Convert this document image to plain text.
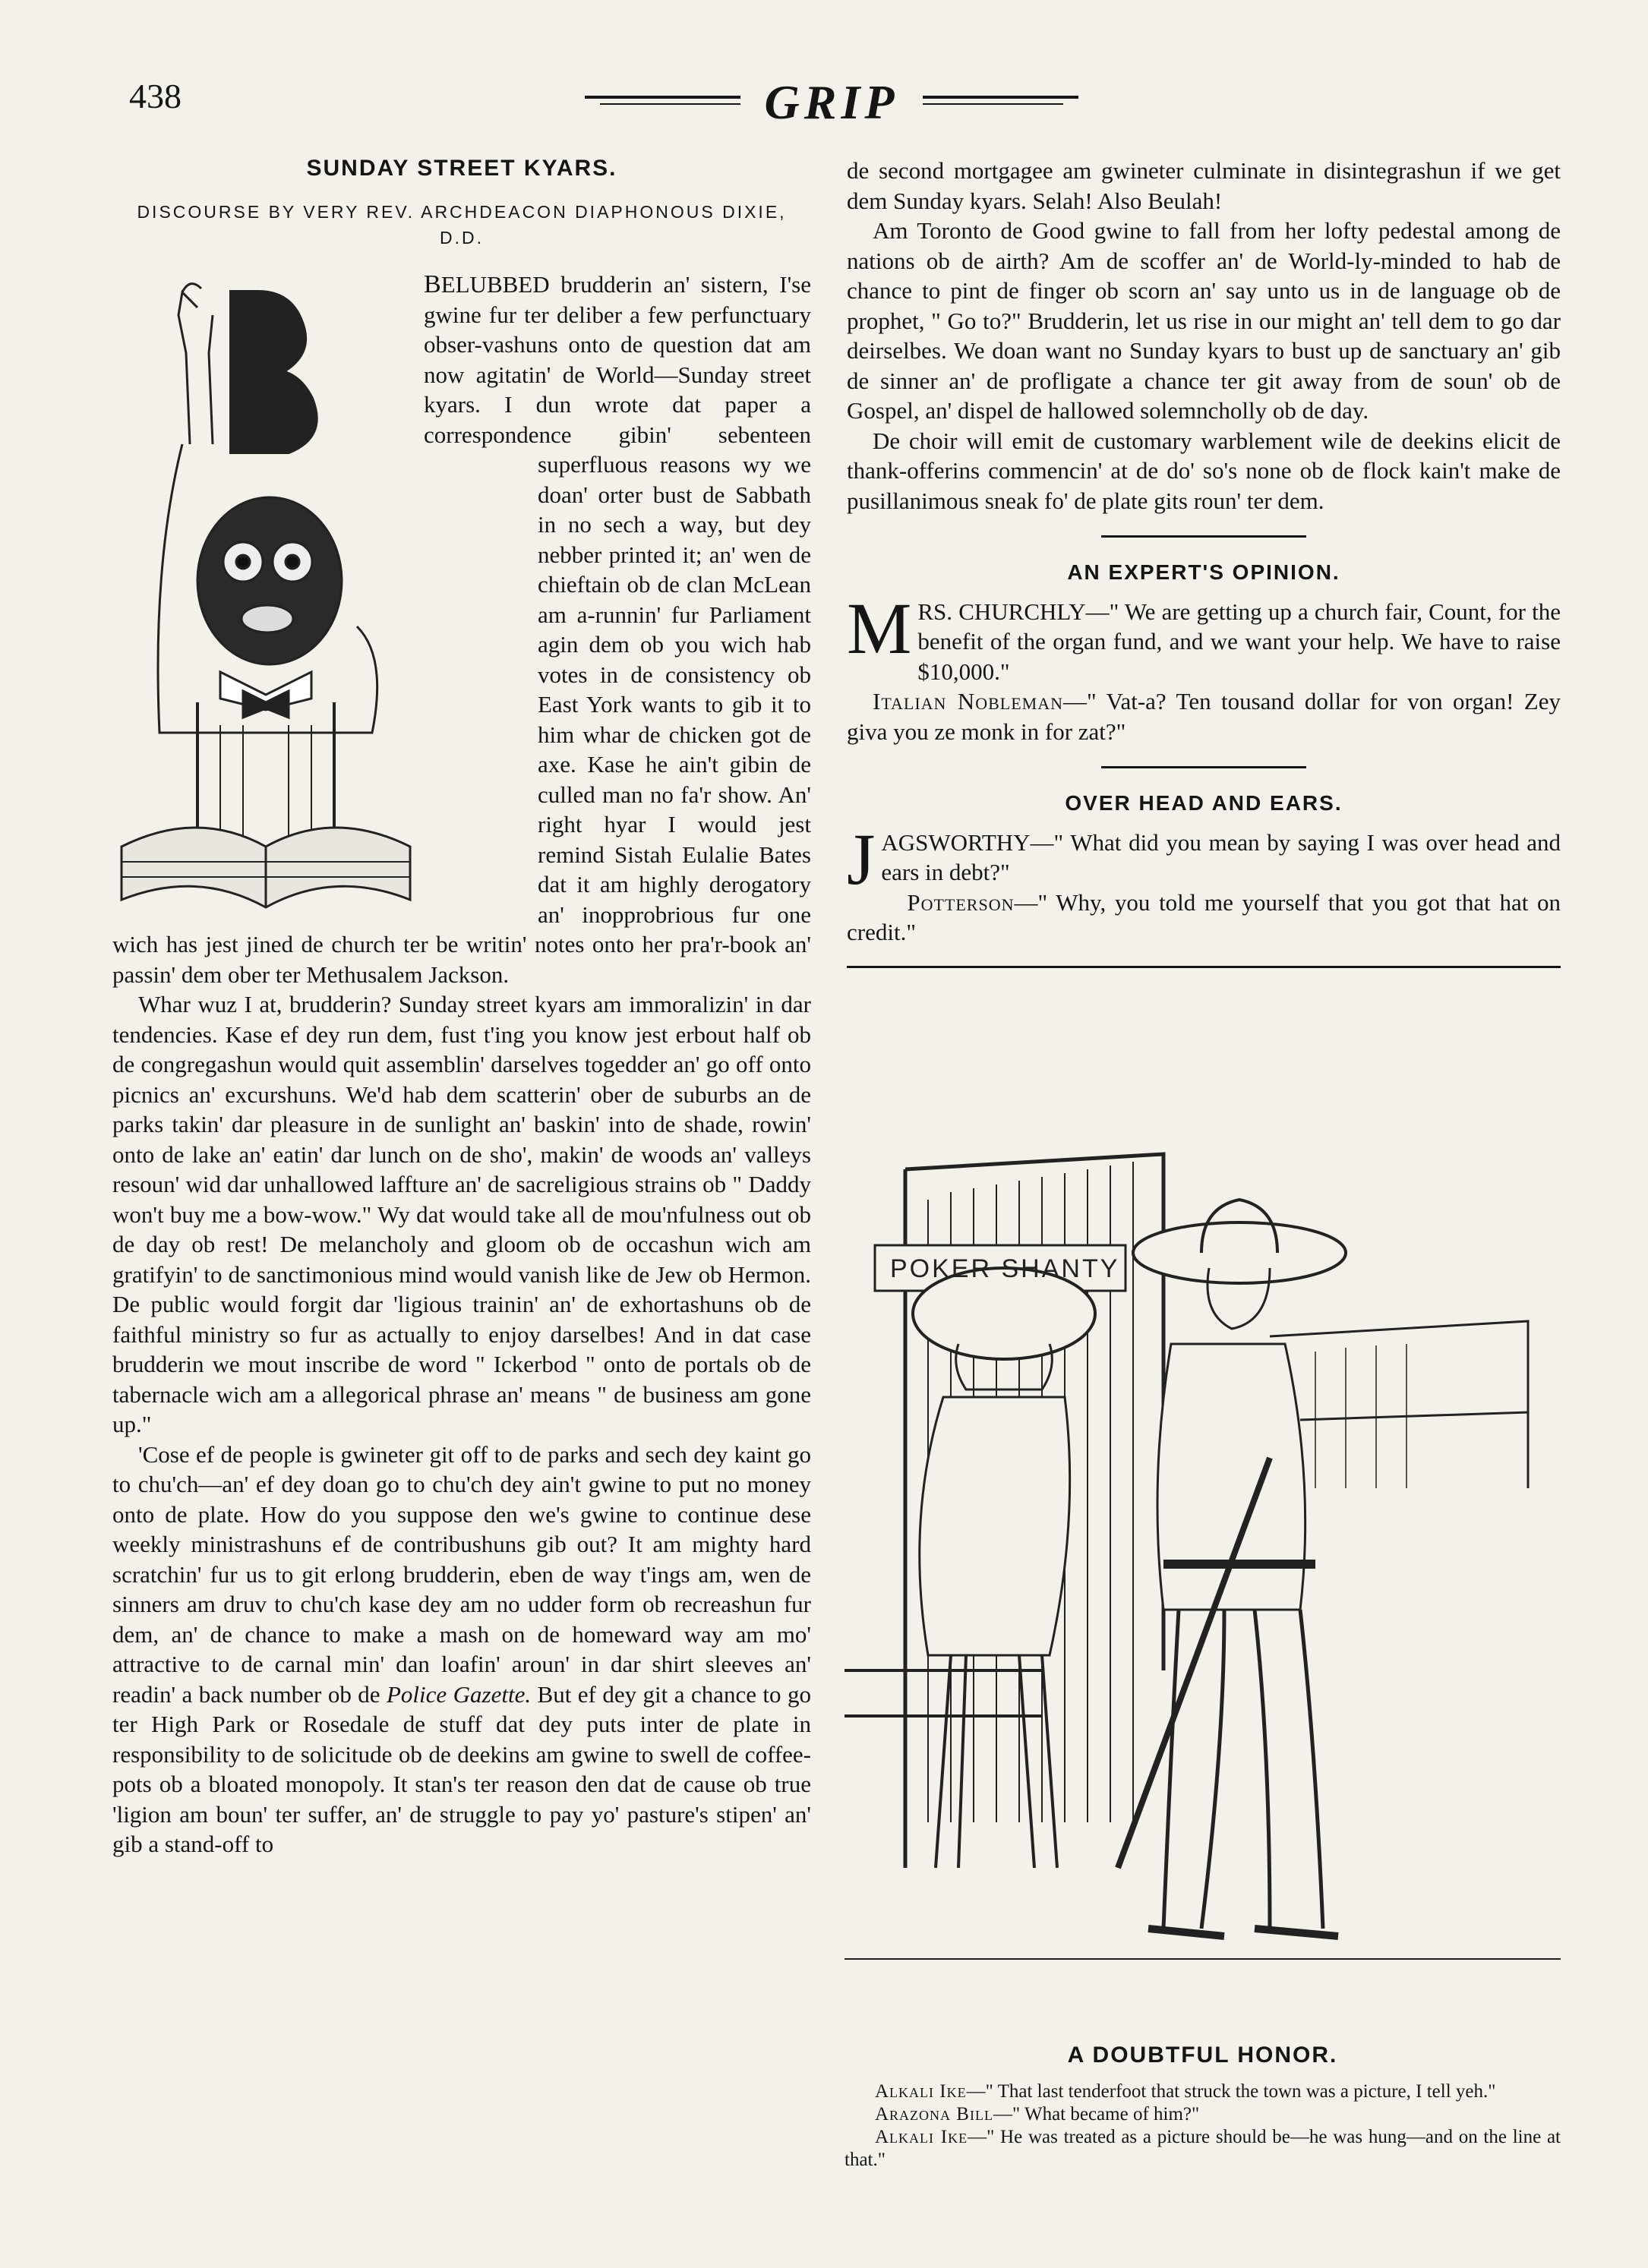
438	GRIP
SUNDAY STREET KYARS.
DISCOURSE BY VERY REV. ARCHDEACON DIAPHONOUS DIXIE, D.D.

BELUBBED brudderin an' sistern, I'se gwine fur ter deliber a few perfunctuary obser-vashuns onto de question dat am now agitatin' de World—Sunday street kyars. I dun wrote dat paper a correspondence gibin' sebenteen superfluous reasons wy we doan' orter bust de Sabbath in no sech a way, but dey nebber printed it; an' wen de chieftain ob de clan McLean am a-runnin' fur Parliament agin dem ob you wich hab votes in de consistency ob East York wants to gib it to him whar de chicken got de axe. Kase he ain't gibin de culled man no fa'r show. An' right hyar I would jest remind Sistah Eulalie Bates dat it am highly derogatory an' inopprobrious fur one wich has jest jined de church ter be writin' notes onto her pra'r-book an' passin' dem ober ter Methusalem Jackson.

Whar wuz I at, brudderin? Sunday street kyars am immoralizin' in dar tendencies. Kase ef dey run dem, fust t'ing you know jest erbout half ob de congregashun would quit assemblin' darselves togedder an' go off onto picnics an' excurshuns. We'd hab dem scatterin' ober de suburbs an de parks takin' dar pleasure in de sunlight an' baskin' into de shade, rowin' onto de lake an' eatin' dar lunch on de sho', makin' de woods an' valleys resoun' wid dar unhallowed laffture an' de sacreligious strains ob " Daddy won't buy me a bow-wow." Wy dat would take all de mou'nfulness out ob de day ob rest! De melancholy and gloom ob de occashun wich am gratifyin' to de sanctimonious mind would vanish like de Jew ob Hermon. De public would forgit dar 'ligious trainin' an' de exhortashuns ob de faithful ministry so fur as actually to enjoy darselbes! And in dat case brudderin we mout inscribe de word " Ickerbod " onto de portals ob de tabernacle wich am a allegorical phrase an' means " de business am gone up."

'Cose ef de people is gwineter git off to de parks and sech dey kaint go to chu'ch—an' ef dey doan go to chu'ch dey ain't gwine to put no money onto de plate. How do you suppose den we's gwine to continue dese weekly ministrashuns ef de contribushuns gib out? It am mighty hard scratchin' fur us to git erlong brudderin, eben de way t'ings am, wen de sinners am druv to chu'ch kase dey am no udder form ob recreashun fur dem, an' de chance to make a mash on de homeward way am mo' attractive to de carnal min' dan loafin' aroun' in dar shirt sleeves an' readin' a back number ob de Police Gazette. But ef dey git a chance to go ter High Park or Rosedale de stuff dat dey puts inter de plate in responsibility to de solicitude ob de deekins am gwine to swell de coffee-pots ob a bloated monopoly. It stan's ter reason den dat de cause ob true 'ligion am boun' ter suffer, an' de struggle to pay yo' pasture's stipen' an' gib a stand-off to

de second mortgagee am gwineter culminate in disintegrashun if we get dem Sunday kyars. Selah! Also Beulah!

Am Toronto de Good gwine to fall from her lofty pedestal among de nations ob de airth? Am de scoffer an' de World-ly-minded to hab de chance to pint de finger ob scorn an' say unto us in de language ob de prophet, " Go to?" Brudderin, let us rise in our might an' tell dem to go dar deirselbes. We doan want no Sunday kyars to bust up de sanctuary an' gib de sinner an' de profligate a chance ter git away from de soun' ob de Gospel, an' dispel de hallowed solemncholly ob de day.

De choir will emit de customary warblement wile de deekins elicit de thank-offerins commencin' at de do' so's none ob de flock kain't make de pusillanimous sneak fo' de plate gits roun' ter dem.

AN EXPERT'S OPINION.

MRS. CHURCHLY—" We are getting up a church fair, Count, for the benefit of the organ fund, and we want your help. We have to raise $10,000."

Italian Nobleman—" Vat-a? Ten tousand dollar for von organ! Zey giva you ze monk in for zat?"

OVER HEAD AND EARS.

JAGSWORTHY—" What did you mean by saying I was over head and ears in debt?"

Potterson—" Why, you told me yourself that you got that hat on credit."

POKER SHANTY
A DOUBTFUL HONOR.
Alkali Ike—" That last tenderfoot that struck the town was a picture, I tell yeh."
Arazona Bill—" What became of him?"
Alkali Ike—" He was treated as a picture should be—he was hung—and on the line at that."
